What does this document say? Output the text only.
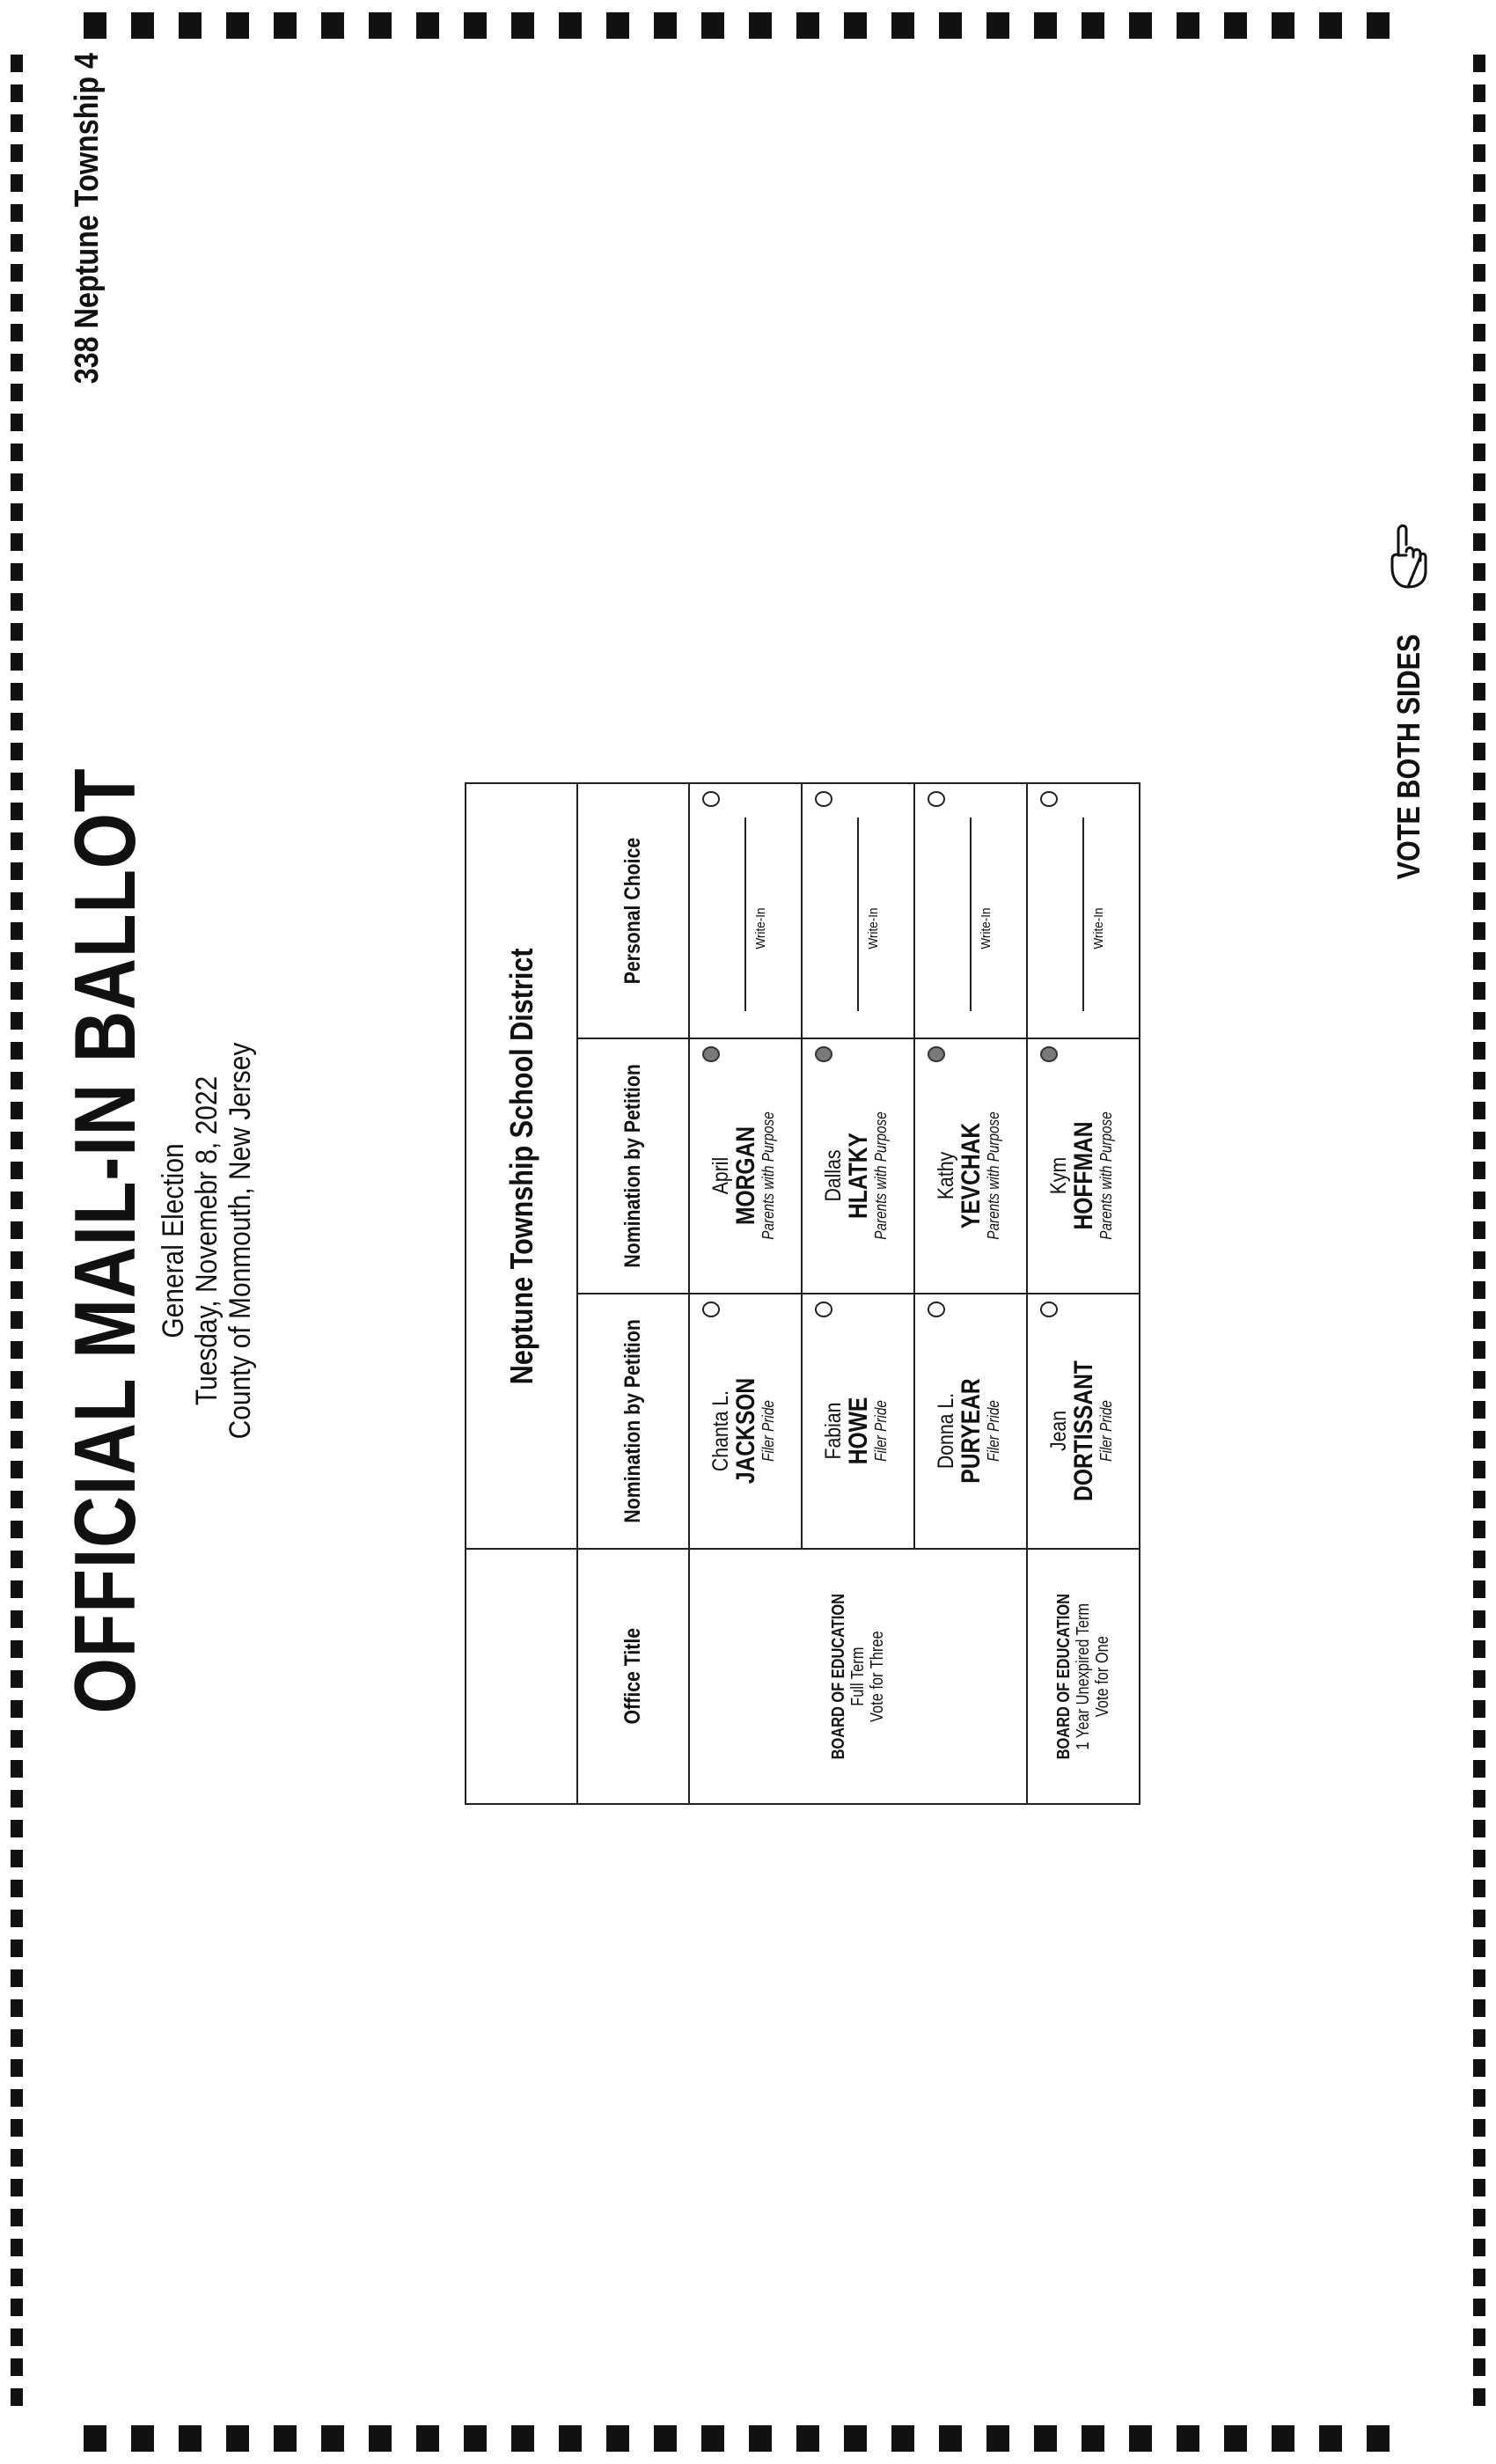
OFFICIAL MAIL-IN BALLOT General Election Tuesday, Novemebr 8, 2022 County of Monmouth, New Jersey
338 Neptune Township 4
	Neptune Township School District		
Office Title	Nomination by Petition	Nomination by Petition	Personal Choice

BOARD OF EDUCATION Full Term Vote for Three	Chanta L.
JACKSON
Filer Pride	April
MORGAN
Parents with Purpose	Write-In

	Fabian
HOWE
Filer Pride	Dallas
HLATKY
Parents with Purpose	Write-In

	Donna L.
PURYEAR
Filer Pride	Kathy
YEVCHAK
Parents with Purpose	Write-In

BOARD OF EDUCATION 1 Year Unexpired Term Vote for One	Jean
DORTISSANT
Filer Pride	Kym
HOFFMAN
Parents with Purpose	Write-In
VOTE BOTH SIDES
